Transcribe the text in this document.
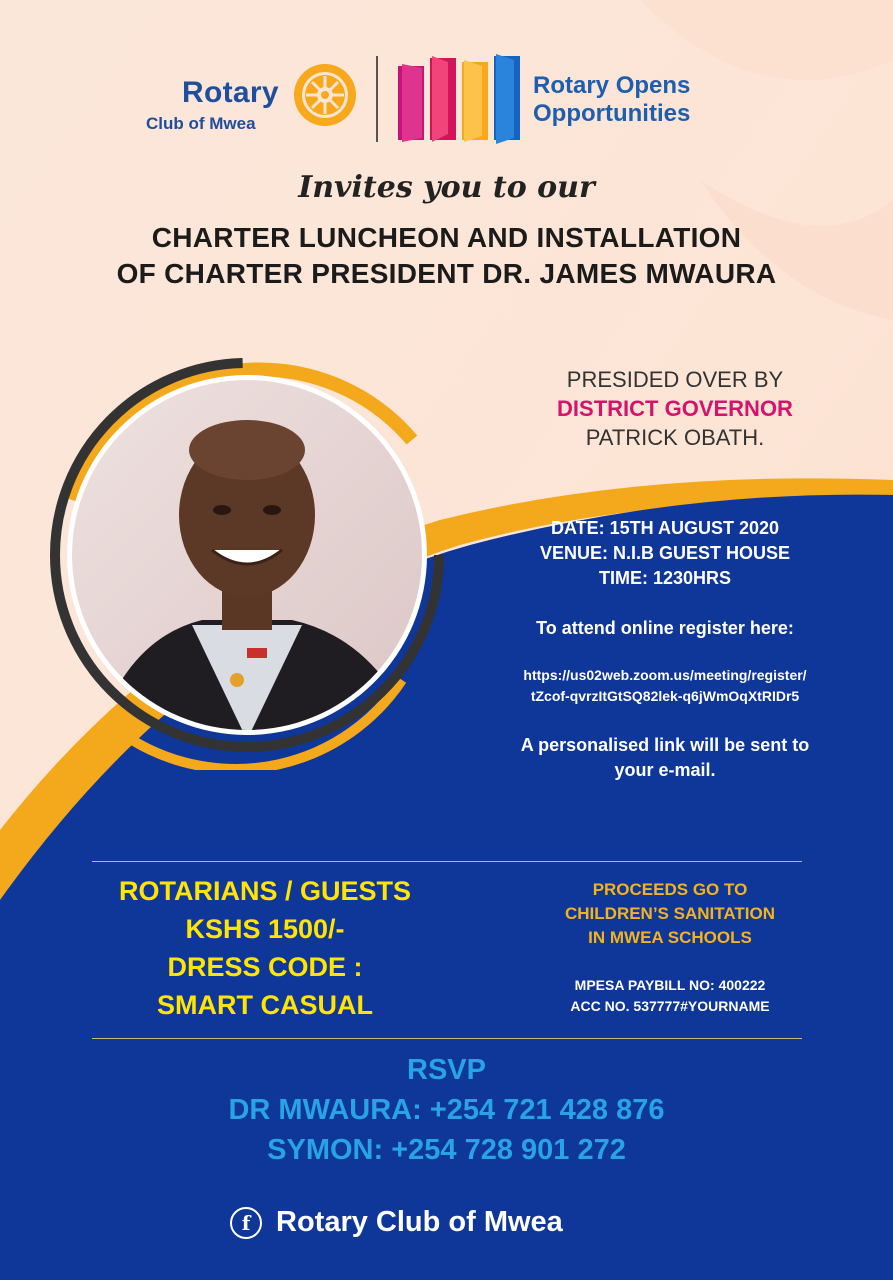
Rotary
Club of Mwea
Rotary Opens
Opportunities
Invites you to our
CHARTER LUNCHEON AND INSTALLATION
OF CHARTER PRESIDENT DR. JAMES MWAURA
PRESIDED OVER BY
DISTRICT GOVERNOR
PATRICK OBATH.
DATE: 15TH AUGUST 2020
VENUE: N.I.B GUEST HOUSE
TIME: 1230HRS
To attend online register here:
https://us02web.zoom.us/meeting/register/
tZcof-qvrzItGtSQ82lek-q6jWmOqXtRIDr5
A personalised link will be sent to
your e-mail.
ROTARIANS / GUESTS
KSHS 1500/-
DRESS CODE :
SMART CASUAL
PROCEEDS GO TO
CHILDREN’S SANITATION
IN MWEA SCHOOLS
MPESA PAYBILL NO: 400222
ACC NO. 537777#YOURNAME
RSVP
DR MWAURA: +254 721 428 876
SYMON: +254 728 901 272
f Rotary Club of Mwea
